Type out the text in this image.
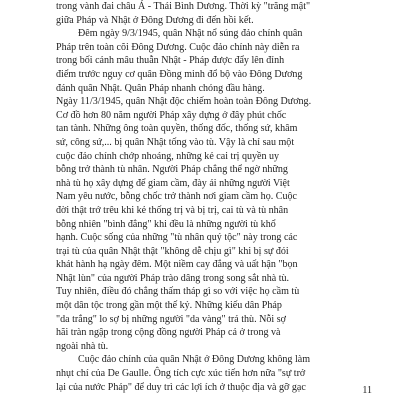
trong vành đai châu Á - Thái Bình Dương. Thời kỳ "trăng mật"
giữa Pháp và Nhật ở Đông Dương đi đến hồi kết.
Đêm ngày 9/3/1945, quân Nhật nổ súng đảo chính quân
Pháp trên toàn cõi Đông Dương. Cuộc đảo chính này diễn ra
trong bối cảnh mâu thuẫn Nhật - Pháp được đẩy lên đỉnh
điểm trước nguy cơ quân Đồng minh đổ bộ vào Đông Dương
đánh quân Nhật. Quân Pháp nhanh chóng đầu hàng.
Ngày 11/3/1945, quân Nhật độc chiếm hoàn toàn Đông Dương.
Cơ đồ hơn 80 năm người Pháp xây dựng ở đây phút chốc
tan tành. Những ông toàn quyền, thống đốc, thống sứ, khâm
sứ, công sứ,... bị quân Nhật tống vào tù. Vậy là chỉ sau một
cuộc đảo chính chớp nhoáng, những kẻ cai trị quyền uy
bỗng trở thành tù nhân. Người Pháp chẳng thể ngờ những
nhà tù họ xây dựng để giam cầm, đày ải những người Việt
Nam yêu nước, bỗng chốc trở thành nơi giam cầm họ. Cuộc
đời thật trớ trêu khi kẻ thống trị và bị trị, cai tù và tù nhân
bỗng nhiên "bình đẳng" khi đều là những người tù khổ
hạnh. Cuộc sống của những "tù nhân quý tộc" này trong các
trại tù của quân Nhật thật "không dễ chịu gì" khi bị sự đói
khát hành hạ ngày đêm. Một niềm cay đắng và uất hận "bọn
Nhật lùn" của người Pháp trào dâng trong song sắt nhà tù.
Tuy nhiên, điều đó chẳng thấm tháp gì so với việc họ cầm tù
một dân tộc trong gần một thế kỷ. Những kiếu dân Pháp
"da trắng" lo sợ bị những người "da vàng" trả thù. Nỗi sợ
hãi tràn ngập trong cộng đồng người Pháp cả ở trong và
ngoài nhà tù.
Cuộc đảo chính của quân Nhật ở Đông Dương không làm
nhụt chí của De Gaulle. Ông tích cực xúc tiến hơn nữa "sự trở
lại của nước Pháp" để duy trì các lợi ích ở thuộc địa và gỡ gạc	11
